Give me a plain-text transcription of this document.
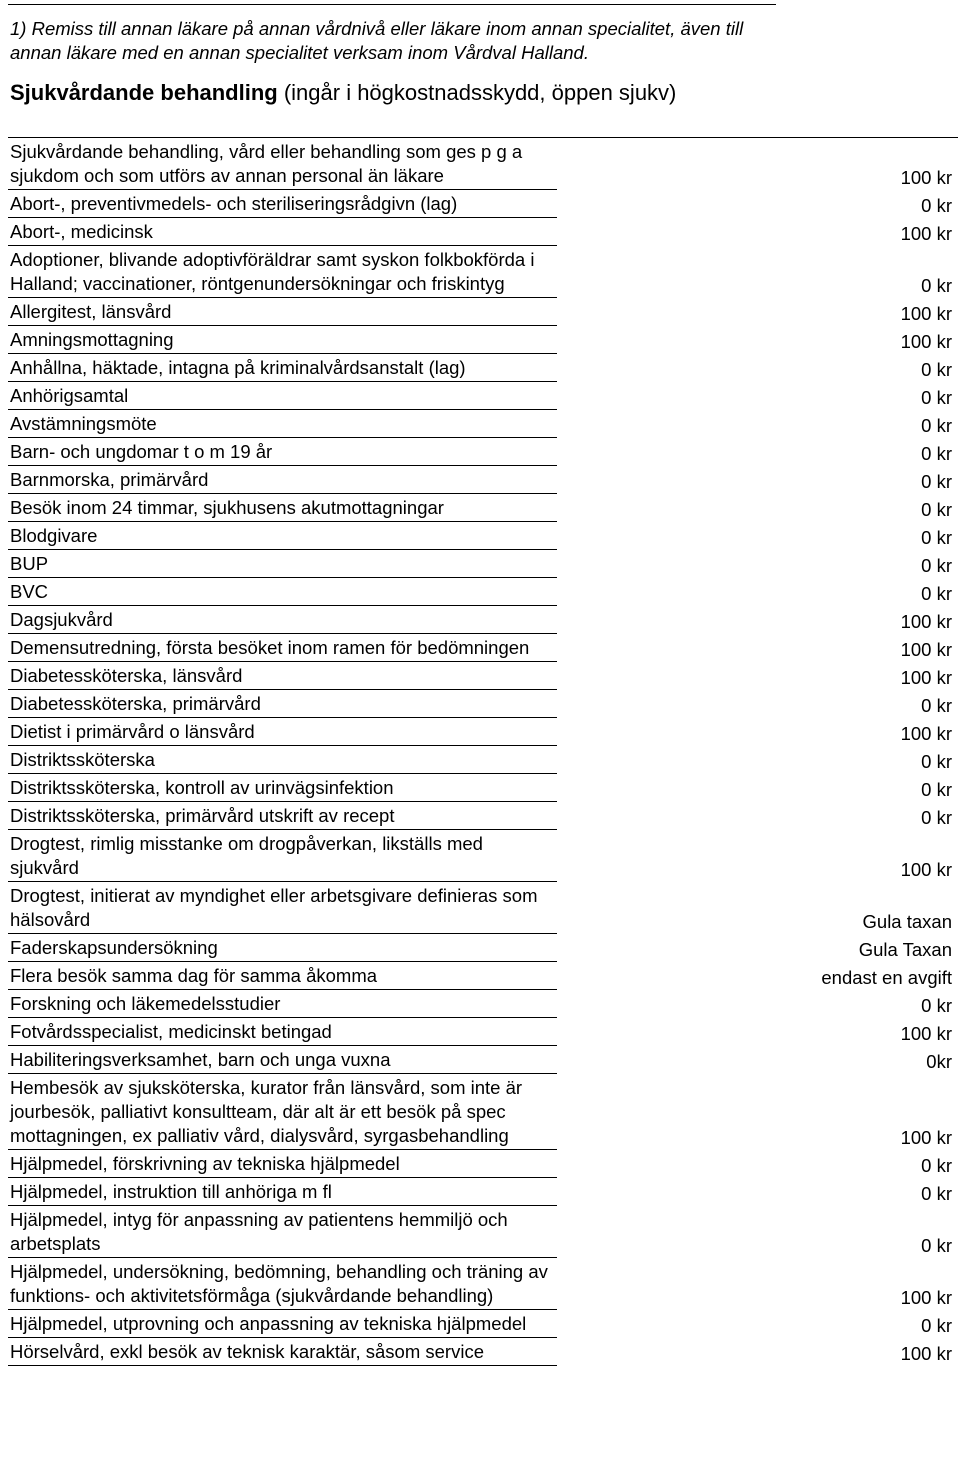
1) Remiss till annan läkare på annan vårdnivå eller läkare inom annan specialitet, även till annan läkare med en annan specialitet verksam inom Vårdval Halland.
Sjukvårdande behandling (ingår i högkostnadsskydd, öppen sjukv)
Sjukvårdande behandling, vård eller behandling som ges p g a sjukdom och som utförs av annan personal än läkare		100 kr
Abort-, preventivmedels- och steriliseringsrådgivn (lag)		0 kr
Abort-, medicinsk		100 kr
Adoptioner, blivande adoptivföräldrar samt syskon folkbokförda i Halland; vaccinationer, röntgenundersökningar och friskintyg		0 kr
Allergitest, länsvård		100 kr
Amningsmottagning		100 kr
Anhållna, häktade, intagna på kriminalvårdsanstalt (lag)		0 kr
Anhörigsamtal		0 kr
Avstämningsmöte		0 kr
Barn- och ungdomar t o m 19 år		0 kr
Barnmorska, primärvård		0 kr
Besök inom 24 timmar, sjukhusens akutmottagningar		0 kr
Blodgivare		0 kr
BUP		0 kr
BVC		0 kr
Dagsjukvård		100 kr
Demensutredning, första besöket inom ramen för bedömningen		100 kr
Diabetessköterska, länsvård		100 kr
Diabetessköterska, primärvård		0 kr
Dietist i primärvård o länsvård		100 kr
Distriktssköterska		0 kr
Distriktssköterska, kontroll av urinvägsinfektion		0 kr
Distriktssköterska, primärvård utskrift av recept		0 kr
Drogtest, rimlig misstanke om drogpåverkan, likställs med sjukvård		100 kr
Drogtest, initierat av myndighet eller arbetsgivare definieras som hälsovård		Gula taxan
Faderskapsundersökning		Gula Taxan
Flera besök samma dag för samma åkomma		endast en avgift
Forskning och läkemedelsstudier		0 kr
Fotvårdsspecialist, medicinskt betingad		100 kr
Habiliteringsverksamhet, barn och unga vuxna		0kr
Hembesök av sjuksköterska, kurator från länsvård, som inte är jourbesök, palliativt konsultteam, där alt är ett besök på spec mottagningen, ex palliativ vård, dialysvård, syrgasbehandling		100 kr
Hjälpmedel, förskrivning av tekniska hjälpmedel		0 kr
Hjälpmedel, instruktion till anhöriga m fl		0 kr
Hjälpmedel, intyg för anpassning av patientens hemmiljö och arbetsplats		0 kr
Hjälpmedel, undersökning, bedömning, behandling och träning av funktions- och aktivitetsförmåga (sjukvårdande behandling)		100 kr
Hjälpmedel, utprovning och anpassning av tekniska hjälpmedel		0 kr
Hörselvård, exkl besök av teknisk karaktär, såsom service		100 kr
